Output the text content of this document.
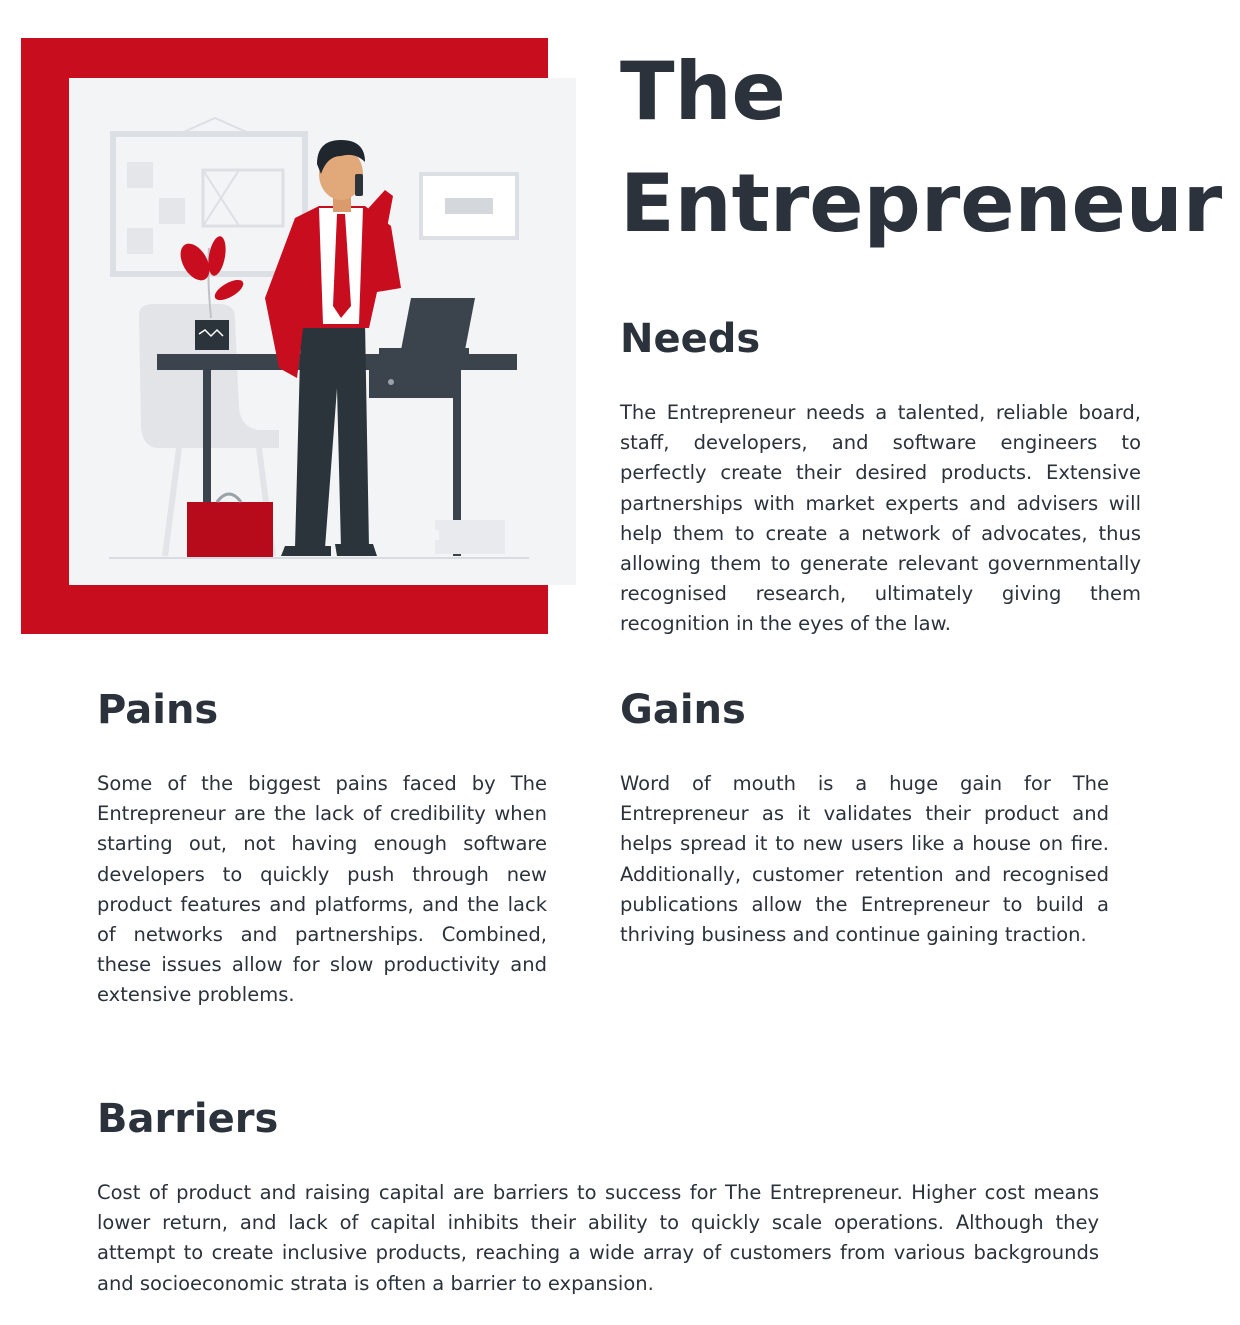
The
Entrepreneur
Needs

The Entrepreneur needs a talented, reliable board, staff, developers, and software engineers to perfectly create their desired products. Extensive partnerships with market experts and advisers will help them to create a network of advocates, thus allowing them to generate relevant governmentally recognised research, ultimately giving them recognition in the eyes of the law.

Pains

Some of the biggest pains faced by The Entrepreneur are the lack of credibility when starting out, not having enough software developers to quickly push through new product features and platforms, and the lack of networks and partnerships. Combined, these issues allow for slow productivity and extensive problems.

Gains

Word of mouth is a huge gain for The Entrepreneur as it validates their product and helps spread it to new users like a house on fire. Additionally, customer retention and recognised publications allow the Entrepreneur to build a thriving business and continue gaining traction.

Barriers

Cost of product and raising capital are barriers to success for The Entrepreneur. Higher cost means lower return, and lack of capital inhibits their ability to quickly scale operations. Although they attempt to create inclusive products, reaching a wide array of customers from various backgrounds and socioeconomic strata is often a barrier to expansion.
